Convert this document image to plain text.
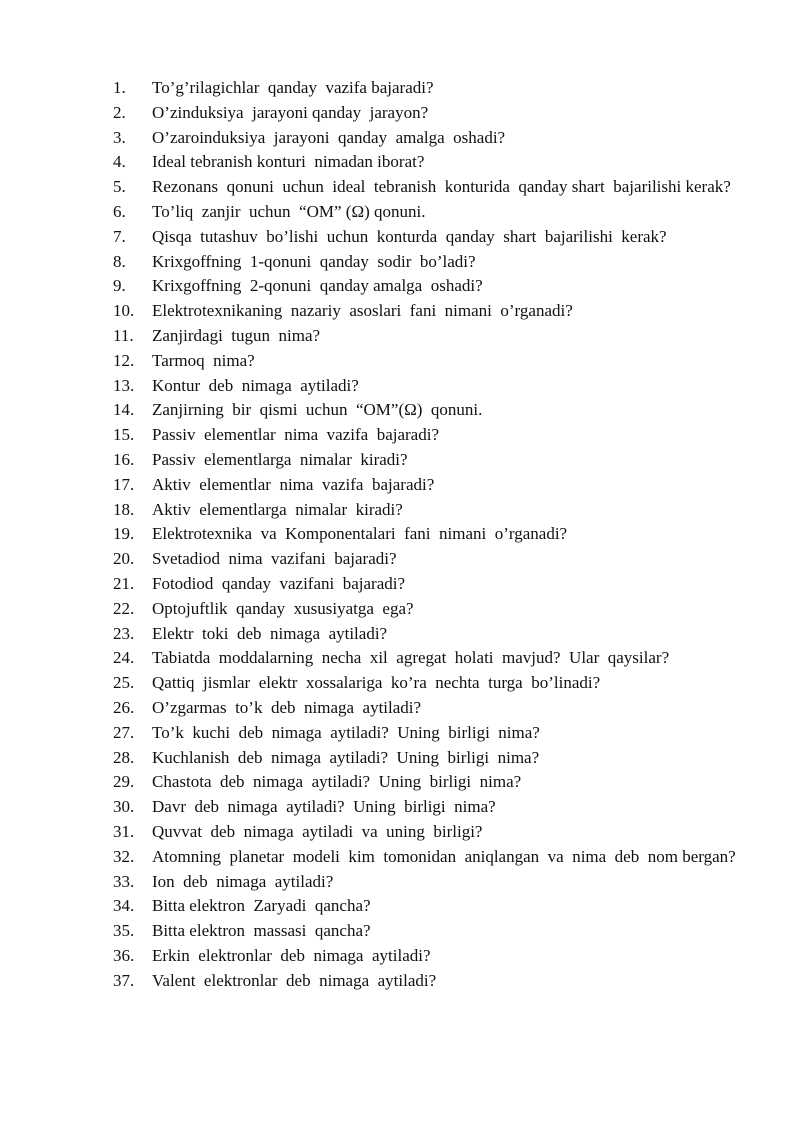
1. To’g’rilagichlar  qanday  vazifa bajaradi?
2. O’zinduksiya  jarayoni qanday  jarayon?
3. O’zaroinduksiya  jarayoni  qanday  amalga  oshadi?
4. Ideal tebranish konturi  nimadan iborat?
5. Rezonans  qonuni  uchun  ideal  tebranish  konturida  qanday shart  bajarilishi kerak?
6. To’liq  zanjir  uchun  “OM” (Ω) qonuni.
7. Qisqa  tutashuv  bo’lishi  uchun  konturda  qanday  shart  bajarilishi  kerak?
8. Krixgoffning  1-qonuni  qanday  sodir  bo’ladi?
9. Krixgoffning  2-qonuni  qanday amalga  oshadi?
10. Elektrotexnikaning  nazariy  asoslari  fani  nimani  o’rganadi?
11. Zanjirdagi  tugun  nima?
12. Tarmoq  nima?
13. Kontur  deb  nimaga  aytiladi?
14. Zanjirning  bir  qismi  uchun  “OM”(Ω)  qonuni.
15. Passiv  elementlar  nima  vazifa  bajaradi?
16. Passiv  elementlarga  nimalar  kiradi?
17. Aktiv  elementlar  nima  vazifa  bajaradi?
18. Aktiv  elementlarga  nimalar  kiradi?
19. Elektrotexnika  va  Komponentalari  fani  nimani  o’rganadi?
20. Svetadiod  nima  vazifani  bajaradi?
21. Fotodiod  qanday  vazifani  bajaradi?
22. Optojuftlik  qanday  xususiyatga  ega?
23. Elektr  toki  deb  nimaga  aytiladi?
24. Tabiatda  moddalarning  necha  xil  agregat  holati  mavjud?  Ular  qaysilar?
25. Qattiq  jismlar  elektr  xossalariga  ko’ra  nechta  turga  bo’linadi?
26. O’zgarmas  to’k  deb  nimaga  aytiladi?
27. To’k  kuchi  deb  nimaga  aytiladi?  Uning  birligi  nima?
28. Kuchlanish  deb  nimaga  aytiladi?  Uning  birligi  nima?
29. Chastota  deb  nimaga  aytiladi?  Uning  birligi  nima?
30. Davr  deb  nimaga  aytiladi?  Uning  birligi  nima?
31. Quvvat  deb  nimaga  aytiladi  va  uning  birligi?
32. Atomning  planetar  modeli  kim  tomonidan  aniqlangan  va  nima  deb  nom bergan?
33. Ion  deb  nimaga  aytiladi?
34. Bitta elektron  Zaryadi  qancha?
35. Bitta elektron  massasi  qancha?
36. Erkin  elektronlar  deb  nimaga  aytiladi?
37. Valent  elektronlar  deb  nimaga  aytiladi?
